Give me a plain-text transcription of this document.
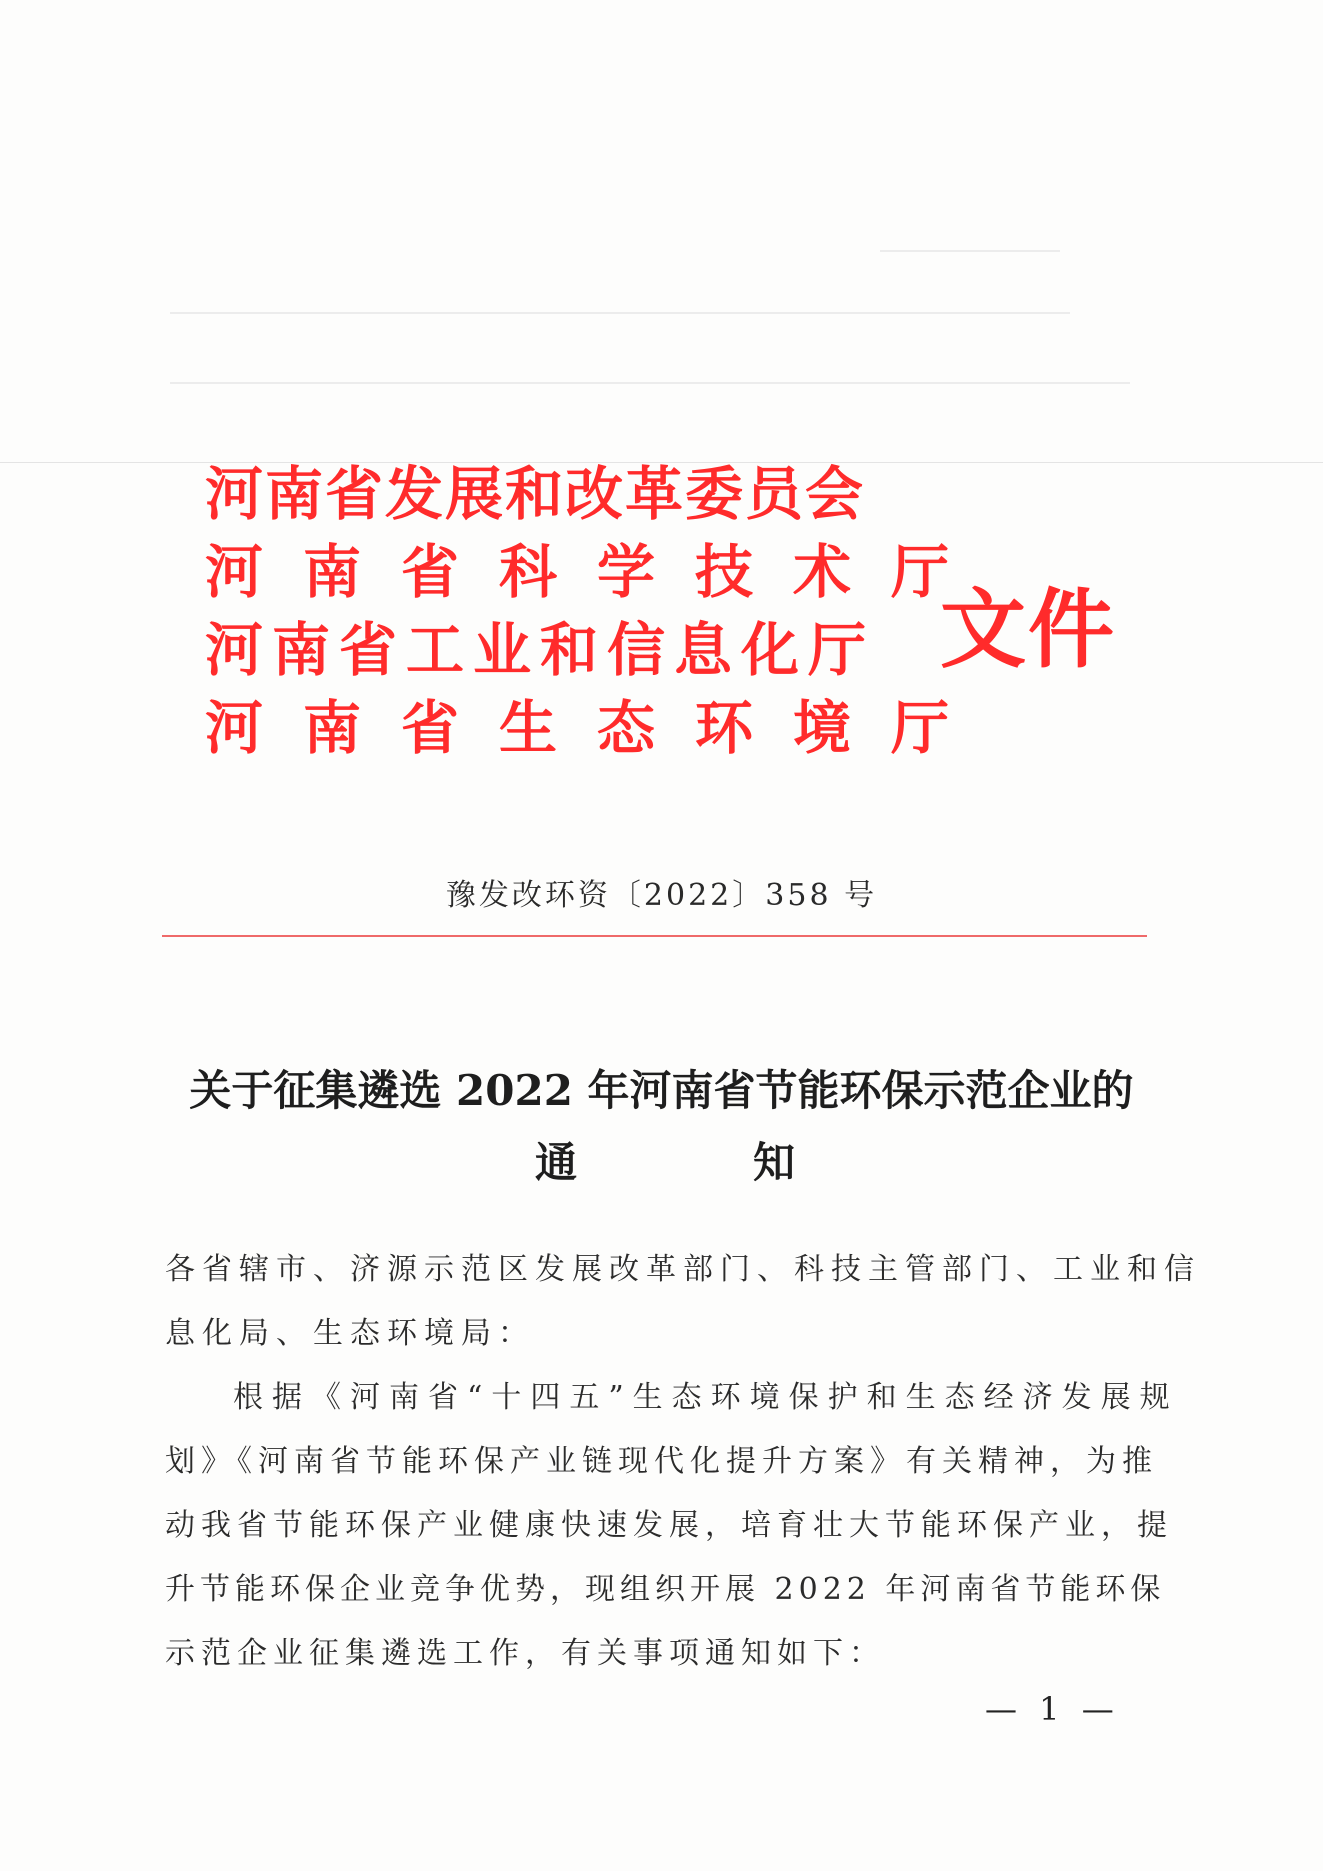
河南省发展和改革委员会
河南省科学技术厅
河南省工业和信息化厅
河南省生态环境厅
文件
豫发改环资〔2022〕358 号
关于征集遴选 2022 年河南省节能环保示范企业的
通	知
各省辖市、济源示范区发展改革部门、科技主管部门、工业和信
息化局、生态环境局：
根据《河南省“十四五”生态环境保护和生态经济发展规
划》《河南省节能环保产业链现代化提升方案》有关精神，为推
动我省节能环保产业健康快速发展，培育壮大节能环保产业，提
升节能环保企业竞争优势，现组织开展 2022 年河南省节能环保
示范企业征集遴选工作，有关事项通知如下：
— 1 —
